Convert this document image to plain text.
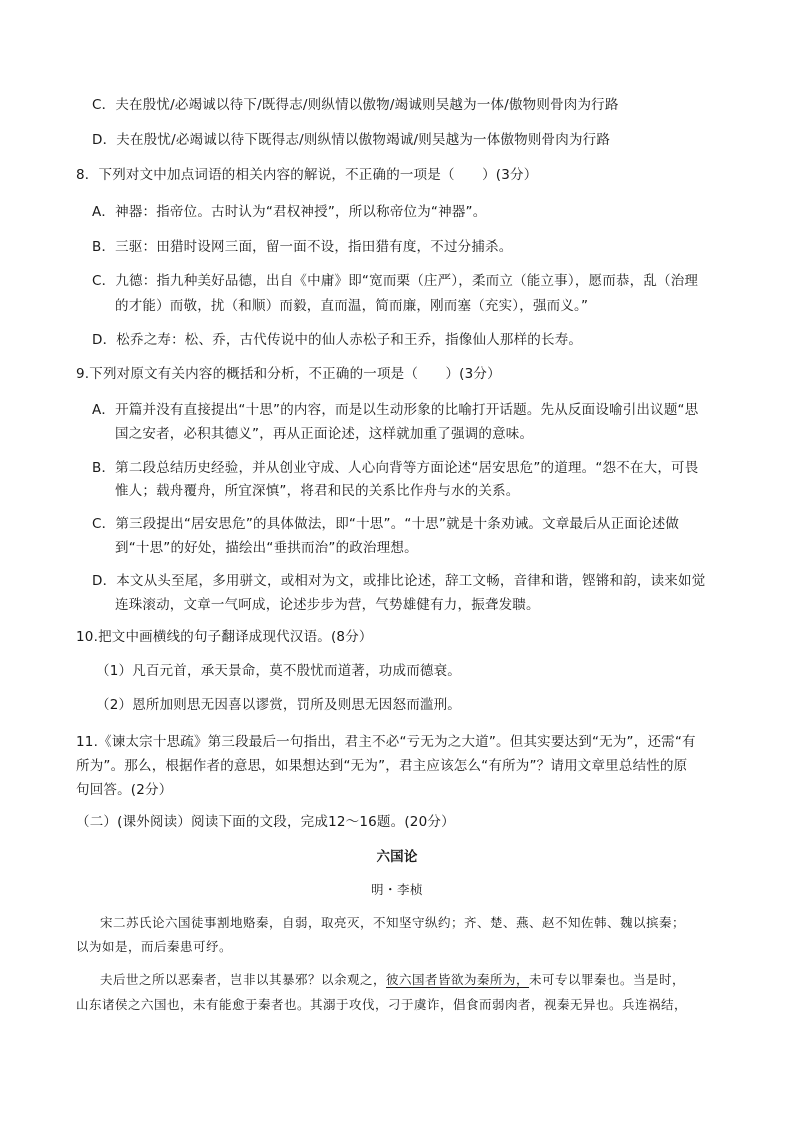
C．夫在殷忧/必竭诚以待下/既得志/则纵情以傲物/竭诚则吴越为一体/傲物则骨肉为行路
D．夫在殷忧/必竭诚以待下既得志/则纵情以傲物竭诚/则吴越为一体傲物则骨肉为行路
8．下列对文中加点词语的相关内容的解说，不正确的一项是（　　）(3分）
A．神器：指帝位。古时认为“君权神授”，所以称帝位为“神器”。
B．三驱：田猎时设网三面，留一面不设，指田猎有度，不过分捕杀。
C．九德：指九种美好品德，出自《中庸》即“宽而栗（庄严），柔而立（能立事），愿而恭，乱（治理
的才能）而敬，扰（和顺）而毅，直而温，简而廉，刚而塞（充实），强而义。”
D．松乔之寿：松、乔，古代传说中的仙人赤松子和王乔，指像仙人那样的长寿。
9.下列对原文有关内容的概括和分析，不正确的一项是（　　）(3分）
A．开篇并没有直接提出“十思”的内容，而是以生动形象的比喻打开话题。先从反面设喻引出议题“思
国之安者，必积其德义”，再从正面论述，这样就加重了强调的意味。
B．第二段总结历史经验，并从创业守成、人心向背等方面论述“居安思危”的道理。“怨不在大，可畏
惟人；载舟覆舟，所宜深慎”，将君和民的关系比作舟与水的关系。
C．第三段提出“居安思危”的具体做法，即“十思”。“十思”就是十条劝诫。文章最后从正面论述做
到“十思”的好处，描绘出“垂拱而治”的政治理想。
D．本文从头至尾，多用骈文，或相对为文，或排比论述，辞工文畅，音律和谐，铿锵和韵，读来如觉
连珠滚动，文章一气呵成，论述步步为营，气势雄健有力，振聋发聩。
10.把文中画横线的句子翻译成现代汉语。(8分）
（1）凡百元首，承天景命，莫不殷忧而道著，功成而德衰。
（2）恩所加则思无因喜以谬赏，罚所及则思无因怒而滥刑。
11.《谏太宗十思疏》第三段最后一句指出，君主不必“亏无为之大道”。但其实要达到“无为”，还需“有
所为”。那么，根据作者的意思，如果想达到“无为”，君主应该怎么“有所为”？请用文章里总结性的原
句回答。(2分）
（二）(课外阅读）阅读下面的文段，完成12～16题。(20分）
六国论
明・李桢
宋二苏氏论六国徒事割地赂秦，自弱，取亮灭，不知坚守纵约；齐、楚、燕、赵不知佐韩、魏以摈秦；
以为如是，而后秦患可纾。
夫后世之所以恶秦者，岂非以其暴邪？以余观之，彼六国者皆欲为秦所为，未可专以罪秦也。当是时，
山东诸侯之六国也，未有能愈于秦者也。其溺于攻伐，刁于虞诈，倡食而弱肉者，视秦无异也。兵连祸结，
